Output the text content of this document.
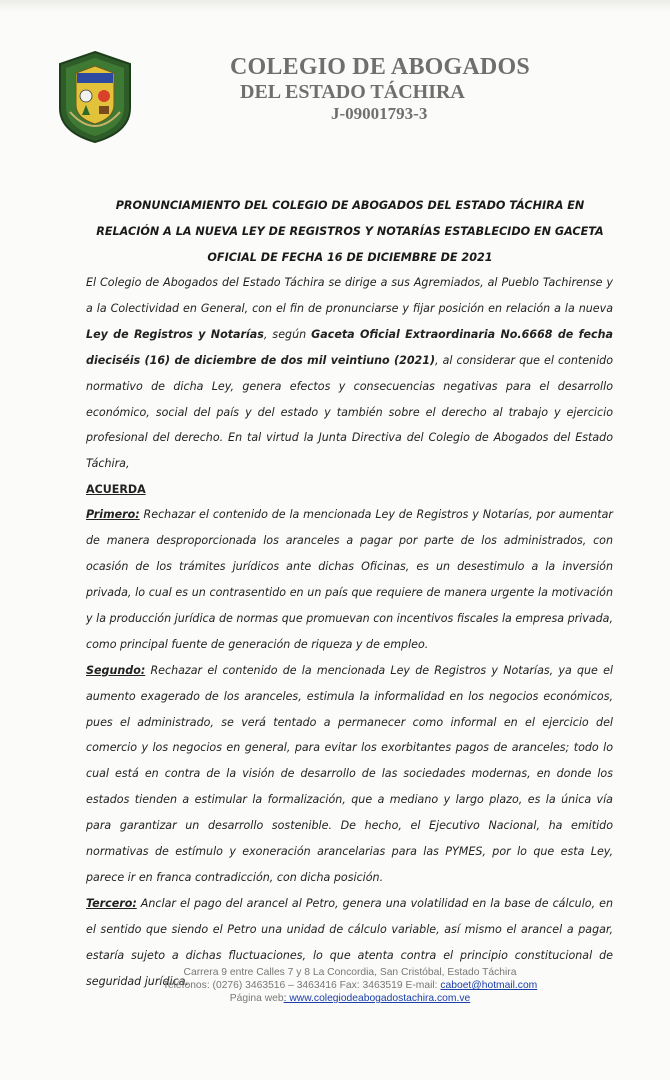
COLEGIO DE ABOGADOS
DEL ESTADO TÁCHIRA
J-09001793-3
PRONUNCIAMIENTO DEL COLEGIO DE ABOGADOS DEL ESTADO TÁCHIRA EN RELACIÓN A LA NUEVA LEY DE REGISTROS Y NOTARÍAS ESTABLECIDO EN GACETA OFICIAL DE FECHA 16 DE DICIEMBRE DE 2021

El Colegio de Abogados del Estado Táchira se dirige a sus Agremiados, al Pueblo Tachirense y a la Colectividad en General, con el fin de pronunciarse y fijar posición en relación a la nueva Ley de Registros y Notarías, según Gaceta Oficial Extraordinaria No.6668 de fecha dieciséis (16) de diciembre de dos mil veintiuno (2021), al considerar que el contenido normativo de dicha Ley, genera efectos y consecuencias negativas para el desarrollo económico, social del país y del estado y también sobre el derecho al trabajo y ejercicio profesional del derecho. En tal virtud la Junta Directiva del Colegio de Abogados del Estado Táchira,

ACUERDA

Primero: Rechazar el contenido de la mencionada Ley de Registros y Notarías, por aumentar de manera desproporcionada los aranceles a pagar por parte de los administrados, con ocasión de los trámites jurídicos ante dichas Oficinas, es un desestimulo a la inversión privada, lo cual es un contrasentido en un país que requiere de manera urgente la motivación y la producción jurídica de normas que promuevan con incentivos fiscales la empresa privada, como principal fuente de generación de riqueza y de empleo.

Segundo: Rechazar el contenido de la mencionada Ley de Registros y Notarías, ya que el aumento exagerado de los aranceles, estimula la informalidad en los negocios económicos, pues el administrado, se verá tentado a permanecer como informal en el ejercicio del comercio y los negocios en general, para evitar los exorbitantes pagos de aranceles; todo lo cual está en contra de la visión de desarrollo de las sociedades modernas, en donde los estados tienden a estimular la formalización, que a mediano y largo plazo, es la única vía para garantizar un desarrollo sostenible. De hecho, el Ejecutivo Nacional, ha emitido normativas de estímulo y exoneración arancelarias para las PYMES, por lo que esta Ley, parece ir en franca contradicción, con dicha posición.

Tercero: Anclar el pago del arancel al Petro, genera una volatilidad en la base de cálculo, en el sentido que siendo el Petro una unidad de cálculo variable, así mismo el arancel a pagar, estaría sujeto a dichas fluctuaciones, lo que atenta contra el principio constitucional de seguridad jurídica.

Carrera 9 entre Calles 7 y 8 La Concordia, San Cristóbal, Estado Táchira
Teléfonos: (0276) 3463516 – 3463416 Fax: 3463519 E-mail: caboet@hotmail.com
Página web: www.colegiodeabogadostachira.com.ve
